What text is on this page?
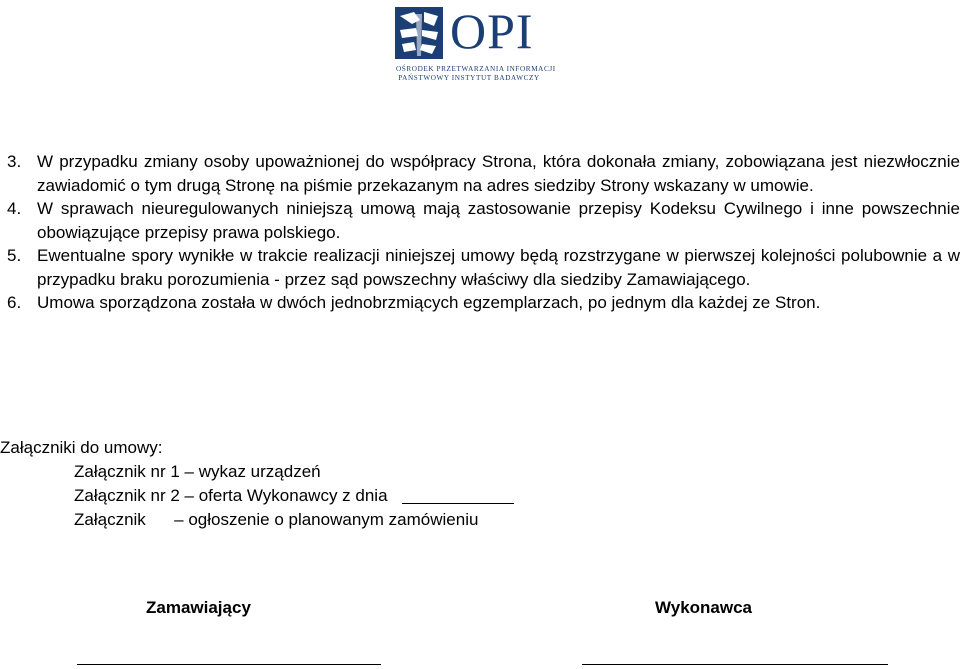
OPI
OŚRODEK PRZETWARZANIA INFORMACJI
PAŃSTWOWY INSTYTUT BADAWCZY

3. W przypadku zmiany osoby upoważnionej do współpracy Strona, która dokonała zmiany, zobowiązana jest niezwłocznie zawiadomić o tym drugą Stronę na piśmie przekazanym na adres siedziby Strony wskazany w umowie.

4. W sprawach nieuregulowanych niniejszą umową mają zastosowanie przepisy Kodeksu Cywilnego i inne powszechnie obowiązujące przepisy prawa polskiego.

5. Ewentualne spory wynikłe w trakcie realizacji niniejszej umowy będą rozstrzygane w pierwszej kolejności polubownie a w przypadku braku porozumienia - przez sąd powszechny właściwy dla siedziby Zamawiającego.

6. Umowa sporządzona została w dwóch jednobrzmiących egzemplarzach, po jednym dla każdej ze Stron.

Załączniki do umowy:
Załącznik nr 1 – wykaz urządzeń
Załącznik nr 2 – oferta Wykonawcy z dnia
Załącznik      – ogłoszenie o planowanym zamówieniu
Zamawiający	Wykonawca
